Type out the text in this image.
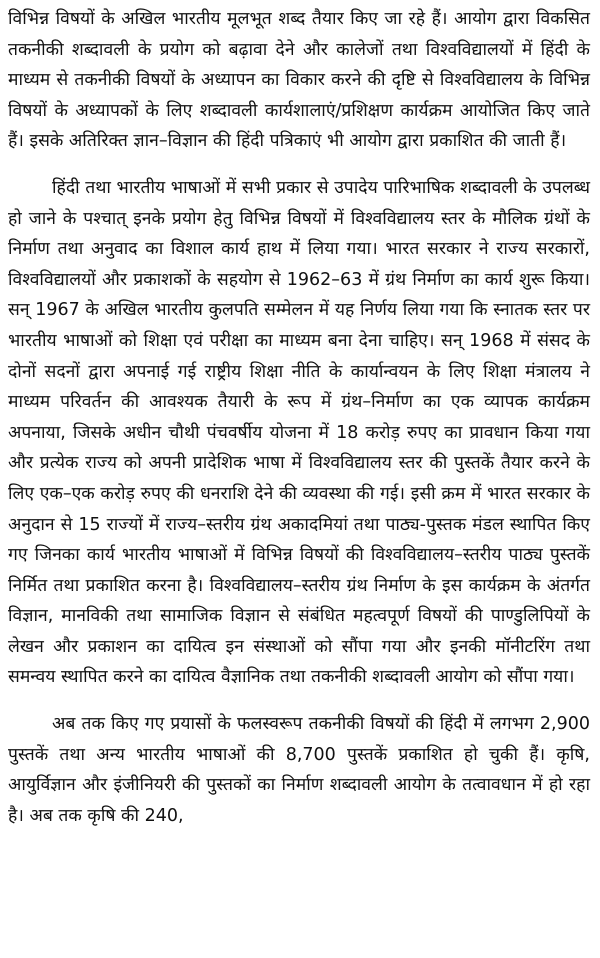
विभिन्न विषयों के अखिल भारतीय मूलभूत शब्द तैयार किए जा रहे हैं। आयोग द्वारा विकसित तकनीकी शब्दावली के प्रयोग को बढ़ावा देने और कालेजों तथा विश्वविद्यालयों में हिंदी के माध्यम से तकनीकी विषयों के अध्यापन का विकार करने की दृष्टि से विश्वविद्यालय के विभिन्न विषयों के अध्यापकों के लिए शब्दावली कार्यशालाएं/प्रशिक्षण कार्यक्रम आयोजित किए जाते हैं। इसके अतिरिक्त ज्ञान–विज्ञान की हिंदी पत्रिकाएं भी आयोग द्वारा प्रकाशित की जाती हैं।

हिंदी तथा भारतीय भाषाओं में सभी प्रकार से उपादेय पारिभाषिक शब्दावली के उपलब्ध हो जाने के पश्चात् इनके प्रयोग हेतु विभिन्न विषयों में विश्वविद्यालय स्तर के मौलिक ग्रंथों के निर्माण तथा अनुवाद का विशाल कार्य हाथ में लिया गया। भारत सरकार ने राज्य सरकारों, विश्वविद्यालयों और प्रकाशकों के सहयोग से 1962–63 में ग्रंथ निर्माण का कार्य शुरू किया। सन् 1967 के अखिल भारतीय कुलपति सम्मेलन में यह निर्णय लिया गया कि स्नातक स्तर पर भारतीय भाषाओं को शिक्षा एवं परीक्षा का माध्यम बना देना चाहिए। सन् 1968 में संसद के दोनों सदनों द्वारा अपनाई गई राष्ट्रीय शिक्षा नीति के कार्यान्वयन के लिए शिक्षा मंत्रालय ने माध्यम परिवर्तन की आवश्यक तैयारी के रूप में ग्रंथ–निर्माण का एक व्यापक कार्यक्रम अपनाया, जिसके अधीन चौथी पंचवर्षीय योजना में 18 करोड़ रुपए का प्रावधान किया गया और प्रत्येक राज्य को अपनी प्रादेशिक भाषा में विश्वविद्यालय स्तर की पुस्तकें तैयार करने के लिए एक–एक करोड़ रुपए की धनराशि देने की व्यवस्था की गई। इसी क्रम में भारत सरकार के अनुदान से 15 राज्यों में राज्य–स्तरीय ग्रंथ अकादमियां तथा पाठ्य-पुस्तक मंडल स्थापित किए गए जिनका कार्य भारतीय भाषाओं में विभिन्न विषयों की विश्वविद्यालय–स्तरीय पाठ्य पुस्तकें निर्मित तथा प्रकाशित करना है। विश्वविद्यालय–स्तरीय ग्रंथ निर्माण के इस कार्यक्रम के अंतर्गत विज्ञान, मानविकी तथा सामाजिक विज्ञान से संबंधित महत्वपूर्ण विषयों की पाण्डुलिपियों के लेखन और प्रकाशन का दायित्व इन संस्थाओं को सौंपा गया और इनकी मॉनीटरिंग तथा समन्वय स्थापित करने का दायित्व वैज्ञानिक तथा तकनीकी शब्दावली आयोग को सौंपा गया।

अब तक किए गए प्रयासों के फलस्वरूप तकनीकी विषयों की हिंदी में लगभग 2,900 पुस्तकें तथा अन्य भारतीय भाषाओं की 8,700 पुस्तकें प्रकाशित हो चुकी हैं। कृषि, आयुर्विज्ञान और इंजीनियरी की पुस्तकों का निर्माण शब्दावली आयोग के तत्वावधान में हो रहा है। अब तक कृषि की 240,
